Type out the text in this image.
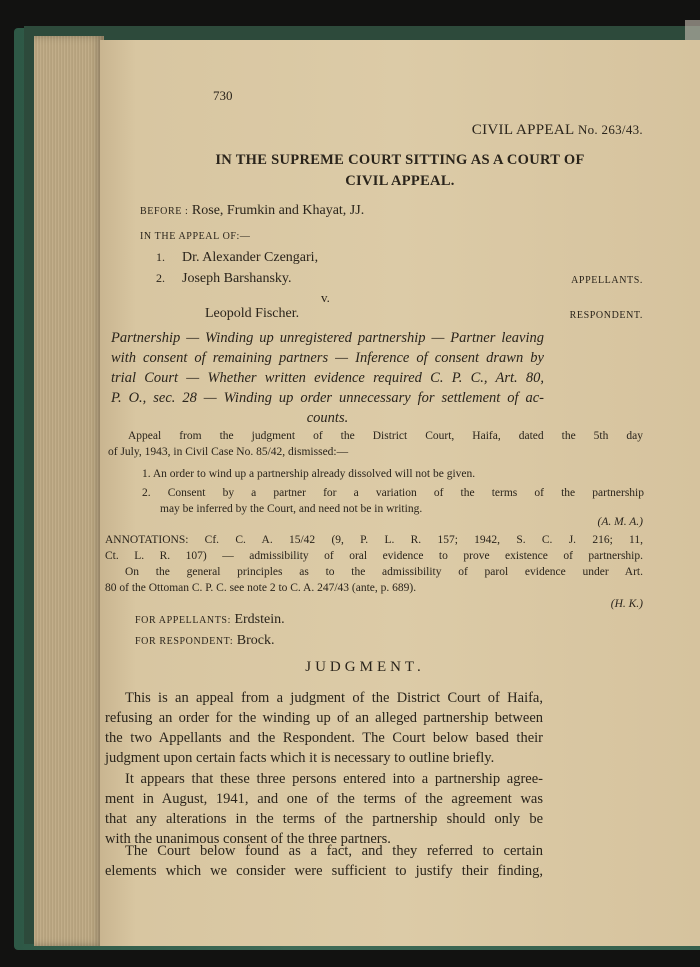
730
CIVIL APPEAL No. 263/43.
IN THE SUPREME COURT SITTING AS A COURT OF
CIVIL APPEAL.
BEFORE : Rose, Frumkin and Khayat, JJ.
IN THE APPEAL OF:—
1. Dr. Alexander Czengari,
2. Joseph Barshansky.	APPELLANTS.
v.
Leopold Fischer.	RESPONDENT.
Partnership — Winding up unregistered partnership — Partner leaving
with consent of remaining partners — Inference of consent drawn by
trial Court — Whether written evidence required C. P. C., Art. 80,
P. O., sec. 28 — Winding up order unnecessary for settlement of ac-
counts.
Appeal from the judgment of the District Court, Haifa, dated the 5th day
of July, 1943, in Civil Case No. 85/42, dismissed:—
1. An order to wind up a partnership already dissolved will not be given.
2. Consent by a partner for a variation of the terms of the partnership
may be inferred by the Court, and need not be in writing.
(A. M. A.)
ANNOTATIONS: Cf. C. A. 15/42 (9, P. L. R. 157; 1942, S. C. J. 216; 11,
Ct. L. R. 107) — admissibility of oral evidence to prove existence of partnership.
On the general principles as to the admissibility of parol evidence under Art.
80 of the Ottoman C. P. C. see note 2 to C. A. 247/43 (ante, p. 689).
(H. K.)
FOR APPELLANTS: Erdstein.
FOR RESPONDENT: Brock.
JUDGMENT.
This is an appeal from a judgment of the District Court of Haifa,
refusing an order for the winding up of an alleged partnership between
the two Appellants and the Respondent. The Court below based their
judgment upon certain facts which it is necessary to outline briefly.
It appears that these three persons entered into a partnership agree-
ment in August, 1941, and one of the terms of the agreement was
that any alterations in the terms of the partnership should only be
with the unanimous consent of the three partners.
The Court below found as a fact, and they referred to certain
elements which we consider were sufficient to justify their finding,
